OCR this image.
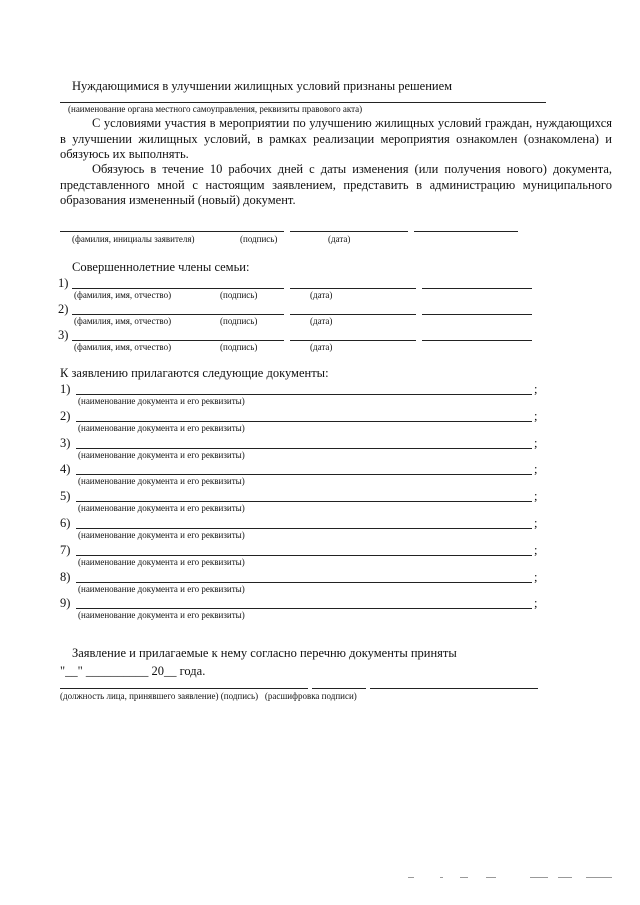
Нуждающимися в улучшении жилищных условий признаны решением
(наименование органа местного самоуправления, реквизиты правового акта)
С условиями участия в мероприятии по улучшению жилищных условий граждан, нуждающихся в улучшении жилищных условий, в рамках реализации мероприятия ознакомлен (ознакомлена) и обязуюсь их выполнять.
Обязуюсь в течение 10 рабочих дней с даты изменения (или получения нового) документа, представленного мной с настоящим заявлением, представить в администрацию муниципального образования измененный (новый) документ.
(фамилия, инициалы заявителя)	(подпись)	(дата)
Совершеннолетние члены семьи:
1)
(фамилия, имя, отчество)	(подпись)	(дата)
2)
(фамилия, имя, отчество)	(подпись)	(дата)
3)
(фамилия, имя, отчество)	(подпись)	(дата)
К заявлению прилагаются следующие документы:
1)	;
(наименование документа и его реквизиты)
2)	;
(наименование документа и его реквизиты)
3)	;
(наименование документа и его реквизиты)
4)	;
(наименование документа и его реквизиты)
5)	;
(наименование документа и его реквизиты)
6)	;
(наименование документа и его реквизиты)
7)	;
(наименование документа и его реквизиты)
8)	;
(наименование документа и его реквизиты)
9)	;
(наименование документа и его реквизиты)
Заявление и прилагаемые к нему согласно перечню документы приняты
"__" __________ 20__ года.
(должность лица, принявшего заявление) (подпись)   (расшифровка подписи)
